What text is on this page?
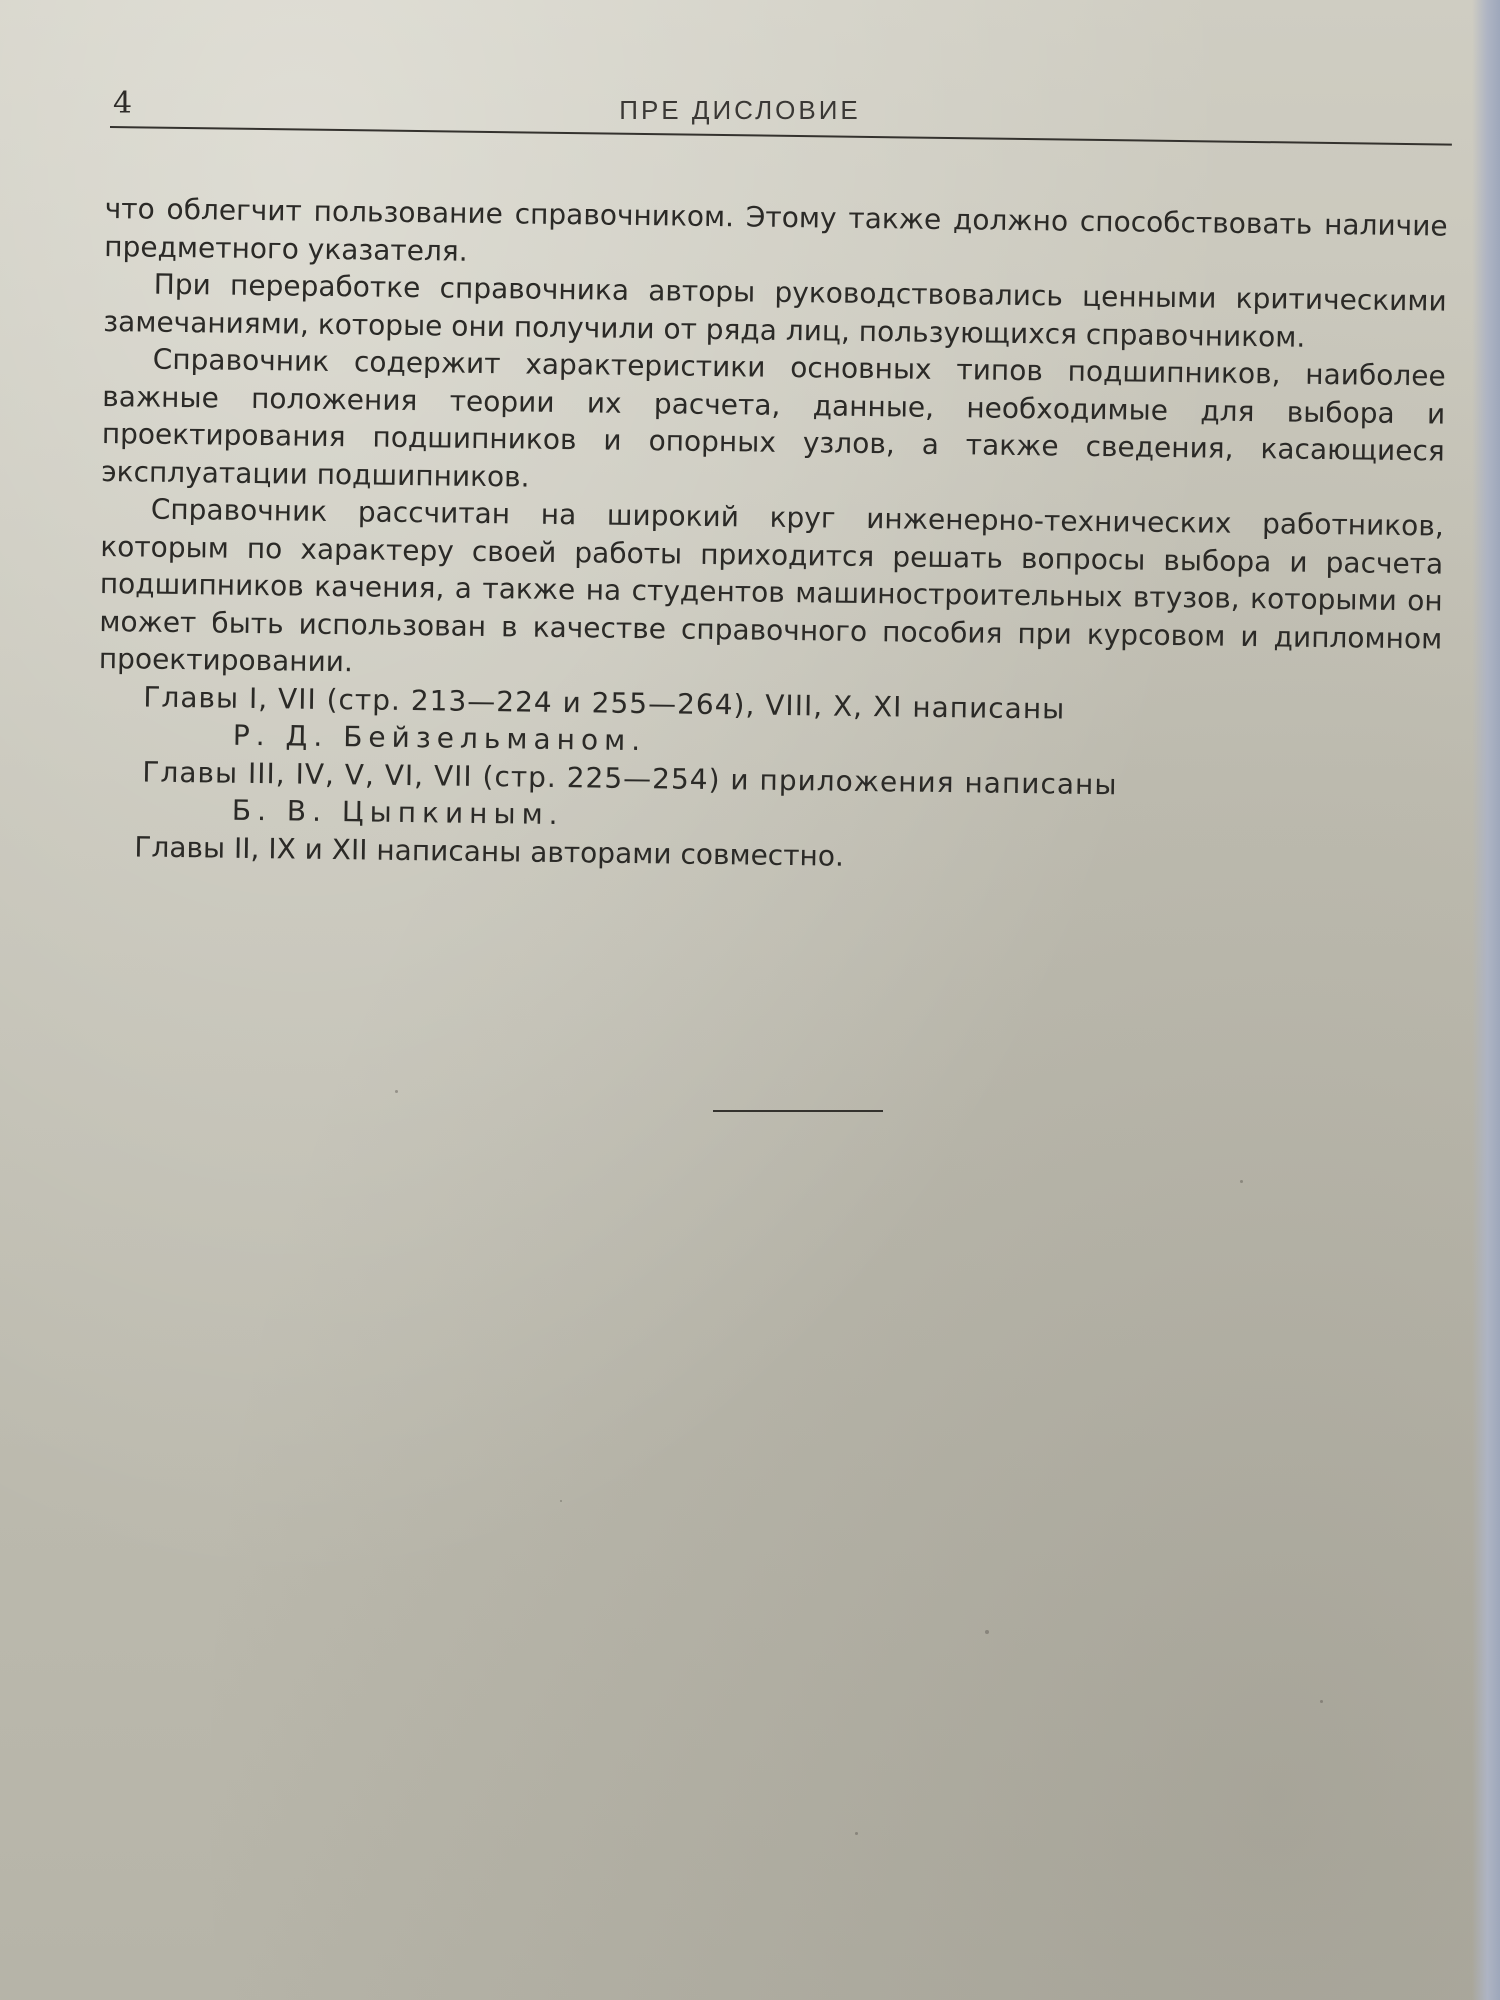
4	ПРЕ ДИСЛОВИЕ

что облегчит пользование справочником. Этому также должно способствовать наличие предметного указателя.

При переработке справочника авторы руководствовались ценными критическими замечаниями, которые они получили от ряда лиц, пользующихся справочником.

Справочник содержит характеристики основных типов подшипников, наиболее важные положения теории их расчета, данные, необходимые для выбора и проектирования подшипников и опорных узлов, а также сведения, касающиеся эксплуатации подшипников.

Справочник рассчитан на широкий круг инженерно-технических работников, которым по характеру своей работы приходится решать вопросы выбора и расчета подшипников качения, а также на студентов машиностроительных втузов, которыми он может быть использован в качестве справочного пособия при курсовом и дипломном проектировании.

Главы I, VII (стр. 213—224 и 255—264), VIII, X, XI написаны

Р. Д. Бейзельманом.

Главы III, IV, V, VI, VII (стр. 225—254) и приложения написаны

Б. В. Цыпкиным.

Главы II, IX и XII написаны авторами совместно.
